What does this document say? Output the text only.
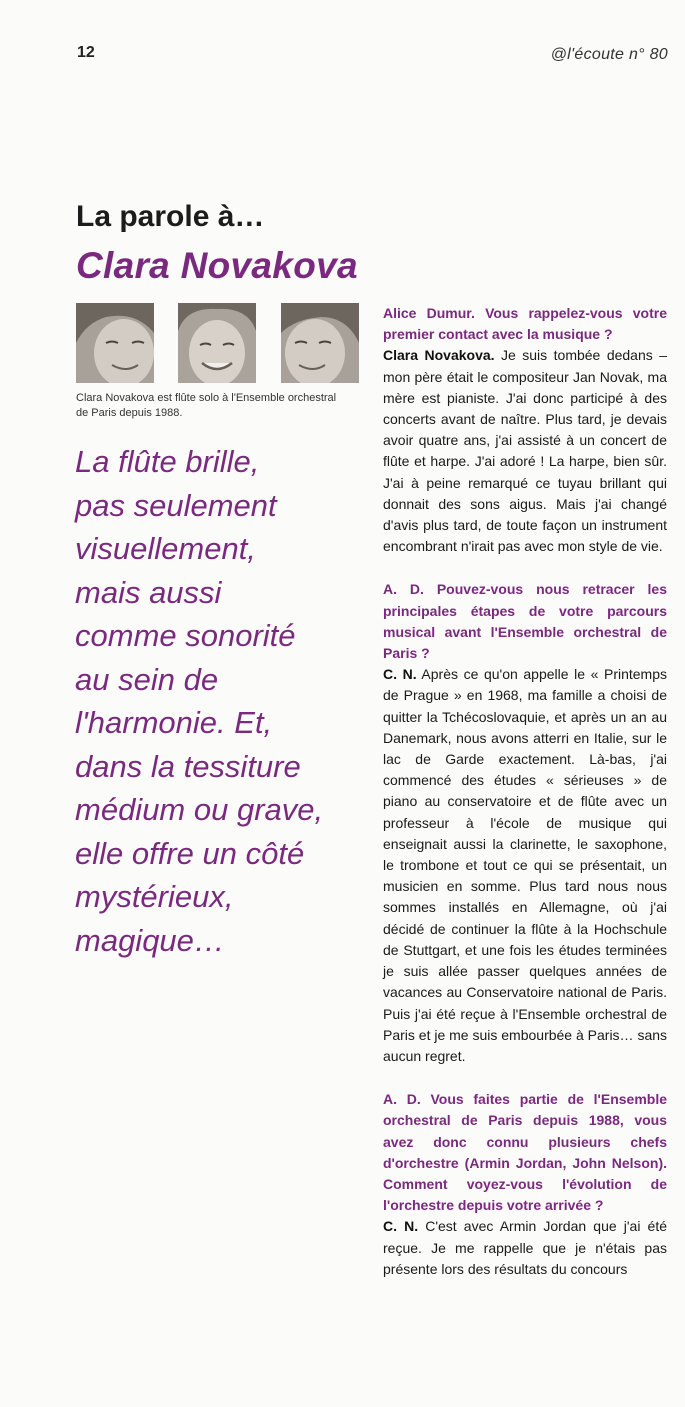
12	@l'écoute n° 80
La parole à…
Clara Novakova

Clara Novakova est flûte solo à l'Ensemble orchestral
de Paris depuis 1988.

La flûte brille,
pas seulement
visuellement,
mais aussi
comme sonorité
au sein de
l'harmonie. Et,
dans la tessiture
médium ou grave,
elle offre un côté
mystérieux,
magique…

Alice Dumur. Vous rappelez-vous votre premier contact avec la musique ?

Clara Novakova. Je suis tombée dedans – mon père était le compositeur Jan Novak, ma mère est pianiste. J'ai donc participé à des concerts avant de naître. Plus tard, je devais avoir quatre ans, j'ai assisté à un concert de flûte et harpe. J'ai adoré ! La harpe, bien sûr. J'ai à peine remarqué ce tuyau brillant qui donnait des sons aigus. Mais j'ai changé d'avis plus tard, de toute façon un instrument encombrant n'irait pas avec mon style de vie.

A. D. Pouvez-vous nous retracer les principales étapes de votre parcours musical avant l'Ensemble orchestral de Paris ?

C. N. Après ce qu'on appelle le « Printemps de Prague » en 1968, ma famille a choisi de quitter la Tchécoslovaquie, et après un an au Danemark, nous avons atterri en Italie, sur le lac de Garde exactement. Là-bas, j'ai commencé des études « sérieuses » de piano au conservatoire et de flûte avec un professeur à l'école de musique qui enseignait aussi la clarinette, le saxophone, le trombone et tout ce qui se présentait, un musicien en somme. Plus tard nous nous sommes installés en Allemagne, où j'ai décidé de continuer la flûte à la Hochschule de Stuttgart, et une fois les études terminées je suis allée passer quelques années de vacances au Conservatoire national de Paris. Puis j'ai été reçue à l'Ensemble orchestral de Paris et je me suis embourbée à Paris… sans aucun regret.

A. D. Vous faites partie de l'Ensemble orchestral de Paris depuis 1988, vous avez donc connu plusieurs chefs d'orchestre (Armin Jordan, John Nelson). Comment voyez-vous l'évolution de l'orchestre depuis votre arrivée ?

C. N. C'est avec Armin Jordan que j'ai été reçue. Je me rappelle que je n'étais pas présente lors des résultats du concours
